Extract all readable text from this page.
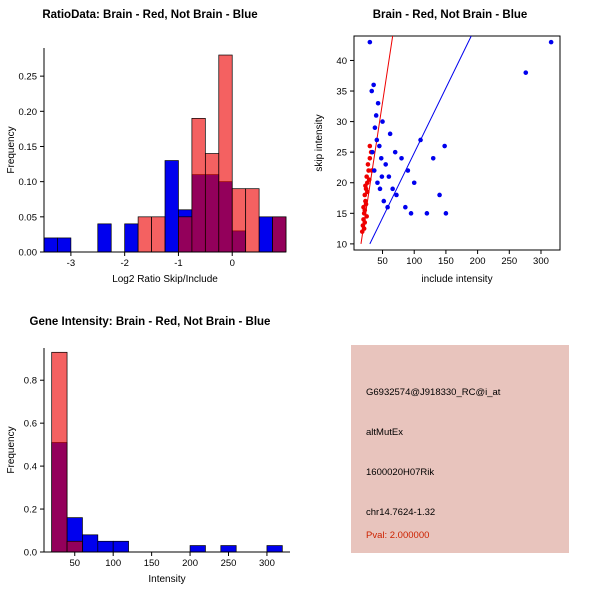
RatioData: Brain - Red, Not Brain - Blue
-3	-2	-1	0
0.00
0.05
0.10
0.15
0.20
0.25
Log2 Ratio Skip/Include
Frequency
Brain - Red, Not Brain - Blue
50 100 150 200 250 300
10
15
20
25
30
35
40
include intensity
skip intensity
Gene Intensity: Brain - Red, Not Brain - Blue
50	100 150 200 250 300
0.0
0.2
0.4
0.6
0.8
Intensity
Frequency
G6932574@J918330_RC@i_at
altMutEx
1600020H07Rik
chr14.7624-1.32
Pval: 2.000000
